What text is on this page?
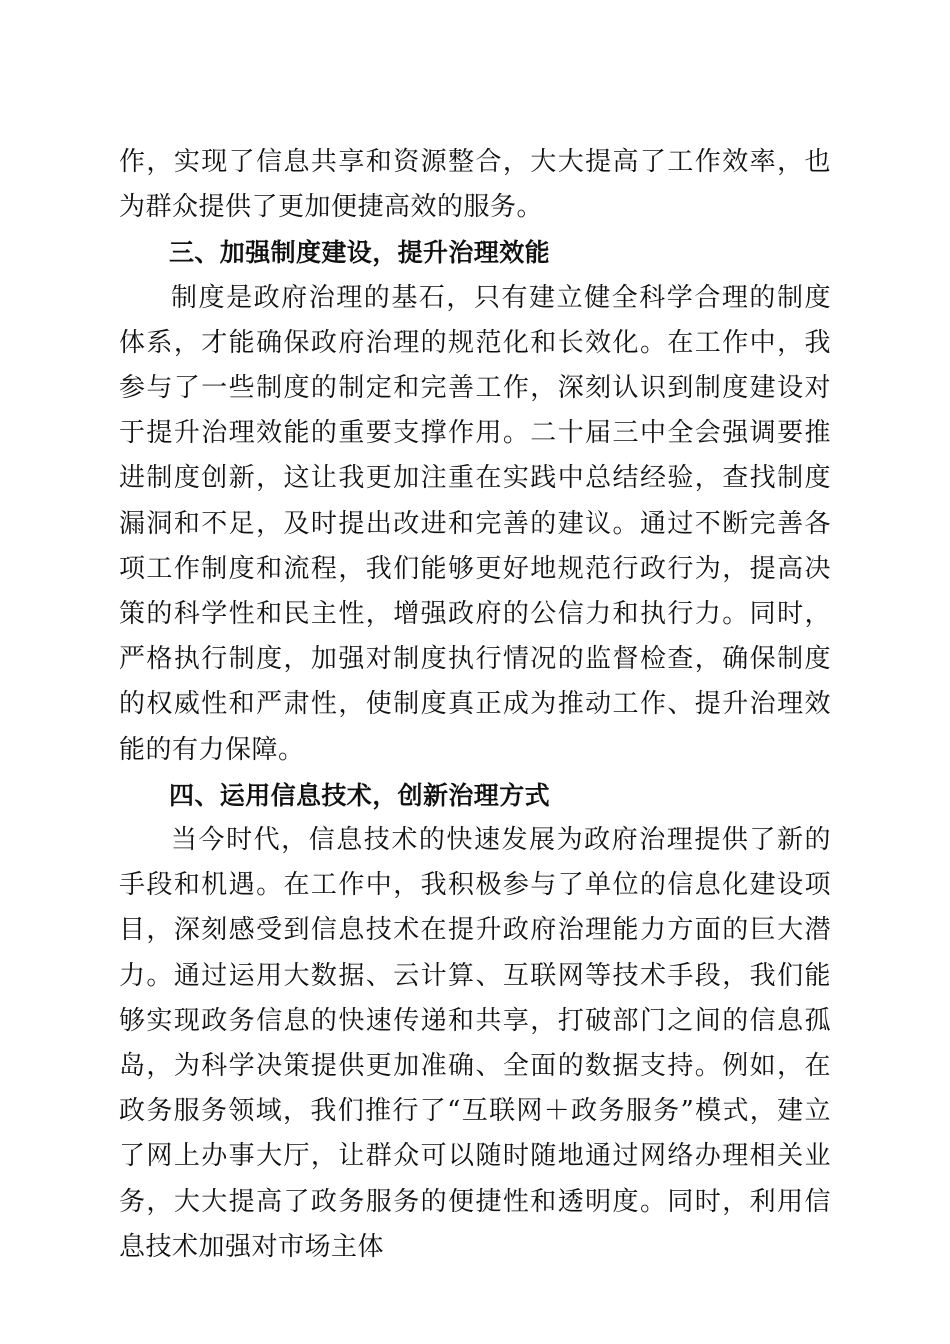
作，实现了信息共享和资源整合，大大提高了工作效率，也为群众提供了更加便捷高效的服务。

三、加强制度建设，提升治理效能

制度是政府治理的基石，只有建立健全科学合理的制度体系，才能确保政府治理的规范化和长效化。在工作中，我参与了一些制度的制定和完善工作，深刻认识到制度建设对于提升治理效能的重要支撑作用。二十届三中全会强调要推进制度创新，这让我更加注重在实践中总结经验，查找制度漏洞和不足，及时提出改进和完善的建议。通过不断完善各项工作制度和流程，我们能够更好地规范行政行为，提高决策的科学性和民主性，增强政府的公信力和执行力。同时，严格执行制度，加强对制度执行情况的监督检查，确保制度的权威性和严肃性，使制度真正成为推动工作、提升治理效能的有力保障。

四、运用信息技术，创新治理方式

当今时代，信息技术的快速发展为政府治理提供了新的手段和机遇。在工作中，我积极参与了单位的信息化建设项目，深刻感受到信息技术在提升政府治理能力方面的巨大潜力。通过运用大数据、云计算、互联网等技术手段，我们能够实现政务信息的快速传递和共享，打破部门之间的信息孤岛，为科学决策提供更加准确、全面的数据支持。例如，在政务服务领域，我们推行了“互联网＋政务服务”模式，建立了网上办事大厅，让群众可以随时随地通过网络办理相关业务，大大提高了政务服务的便捷性和透明度。同时，利用信息技术加强对市场主体
